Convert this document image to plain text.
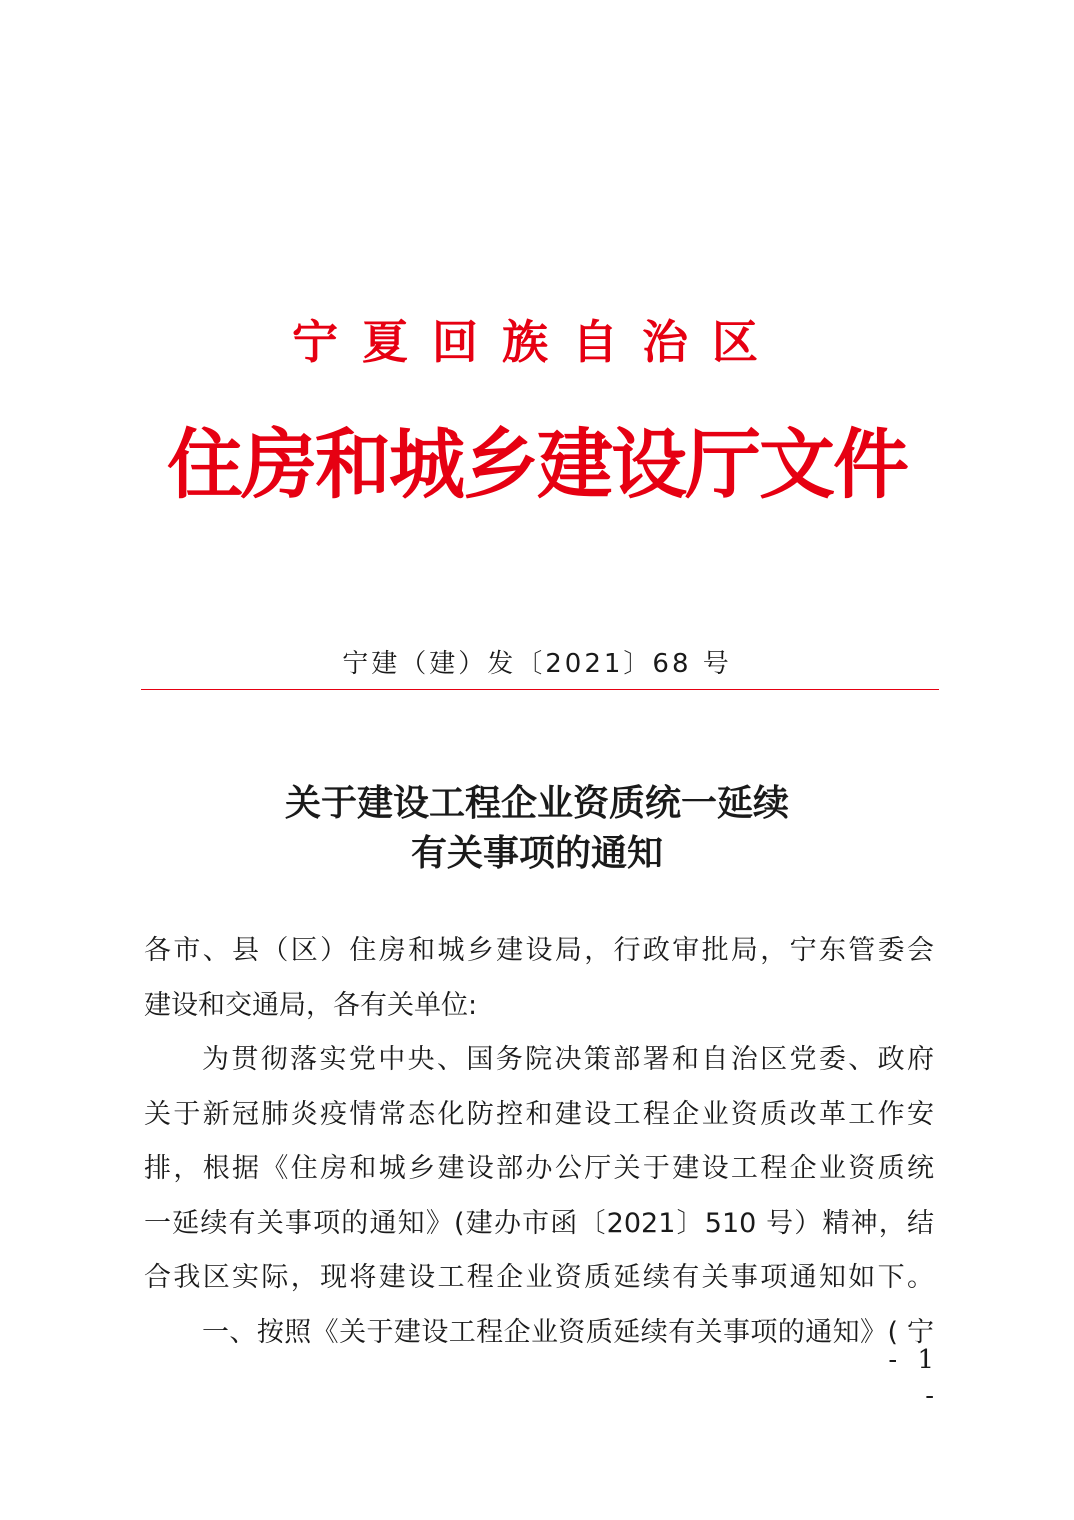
宁夏回族自治区
住房和城乡建设厅文件
宁建（建）发〔2021〕68 号
关于建设工程企业资质统一延续
有关事项的通知
各市、县（区）住房和城乡建设局，行政审批局，宁东管委会
建设和交通局，各有关单位:
为贯彻落实党中央、国务院决策部署和自治区党委、政府
关于新冠肺炎疫情常态化防控和建设工程企业资质改革工作安
排，根据《住房和城乡建设部办公厅关于建设工程企业资质统
一延续有关事项的通知》(建办市函〔2021〕510 号）精神，结
合我区实际，现将建设工程企业资质延续有关事项通知如下。
一、按照《关于建设工程企业资质延续有关事项的通知》( 宁
- 1 -
